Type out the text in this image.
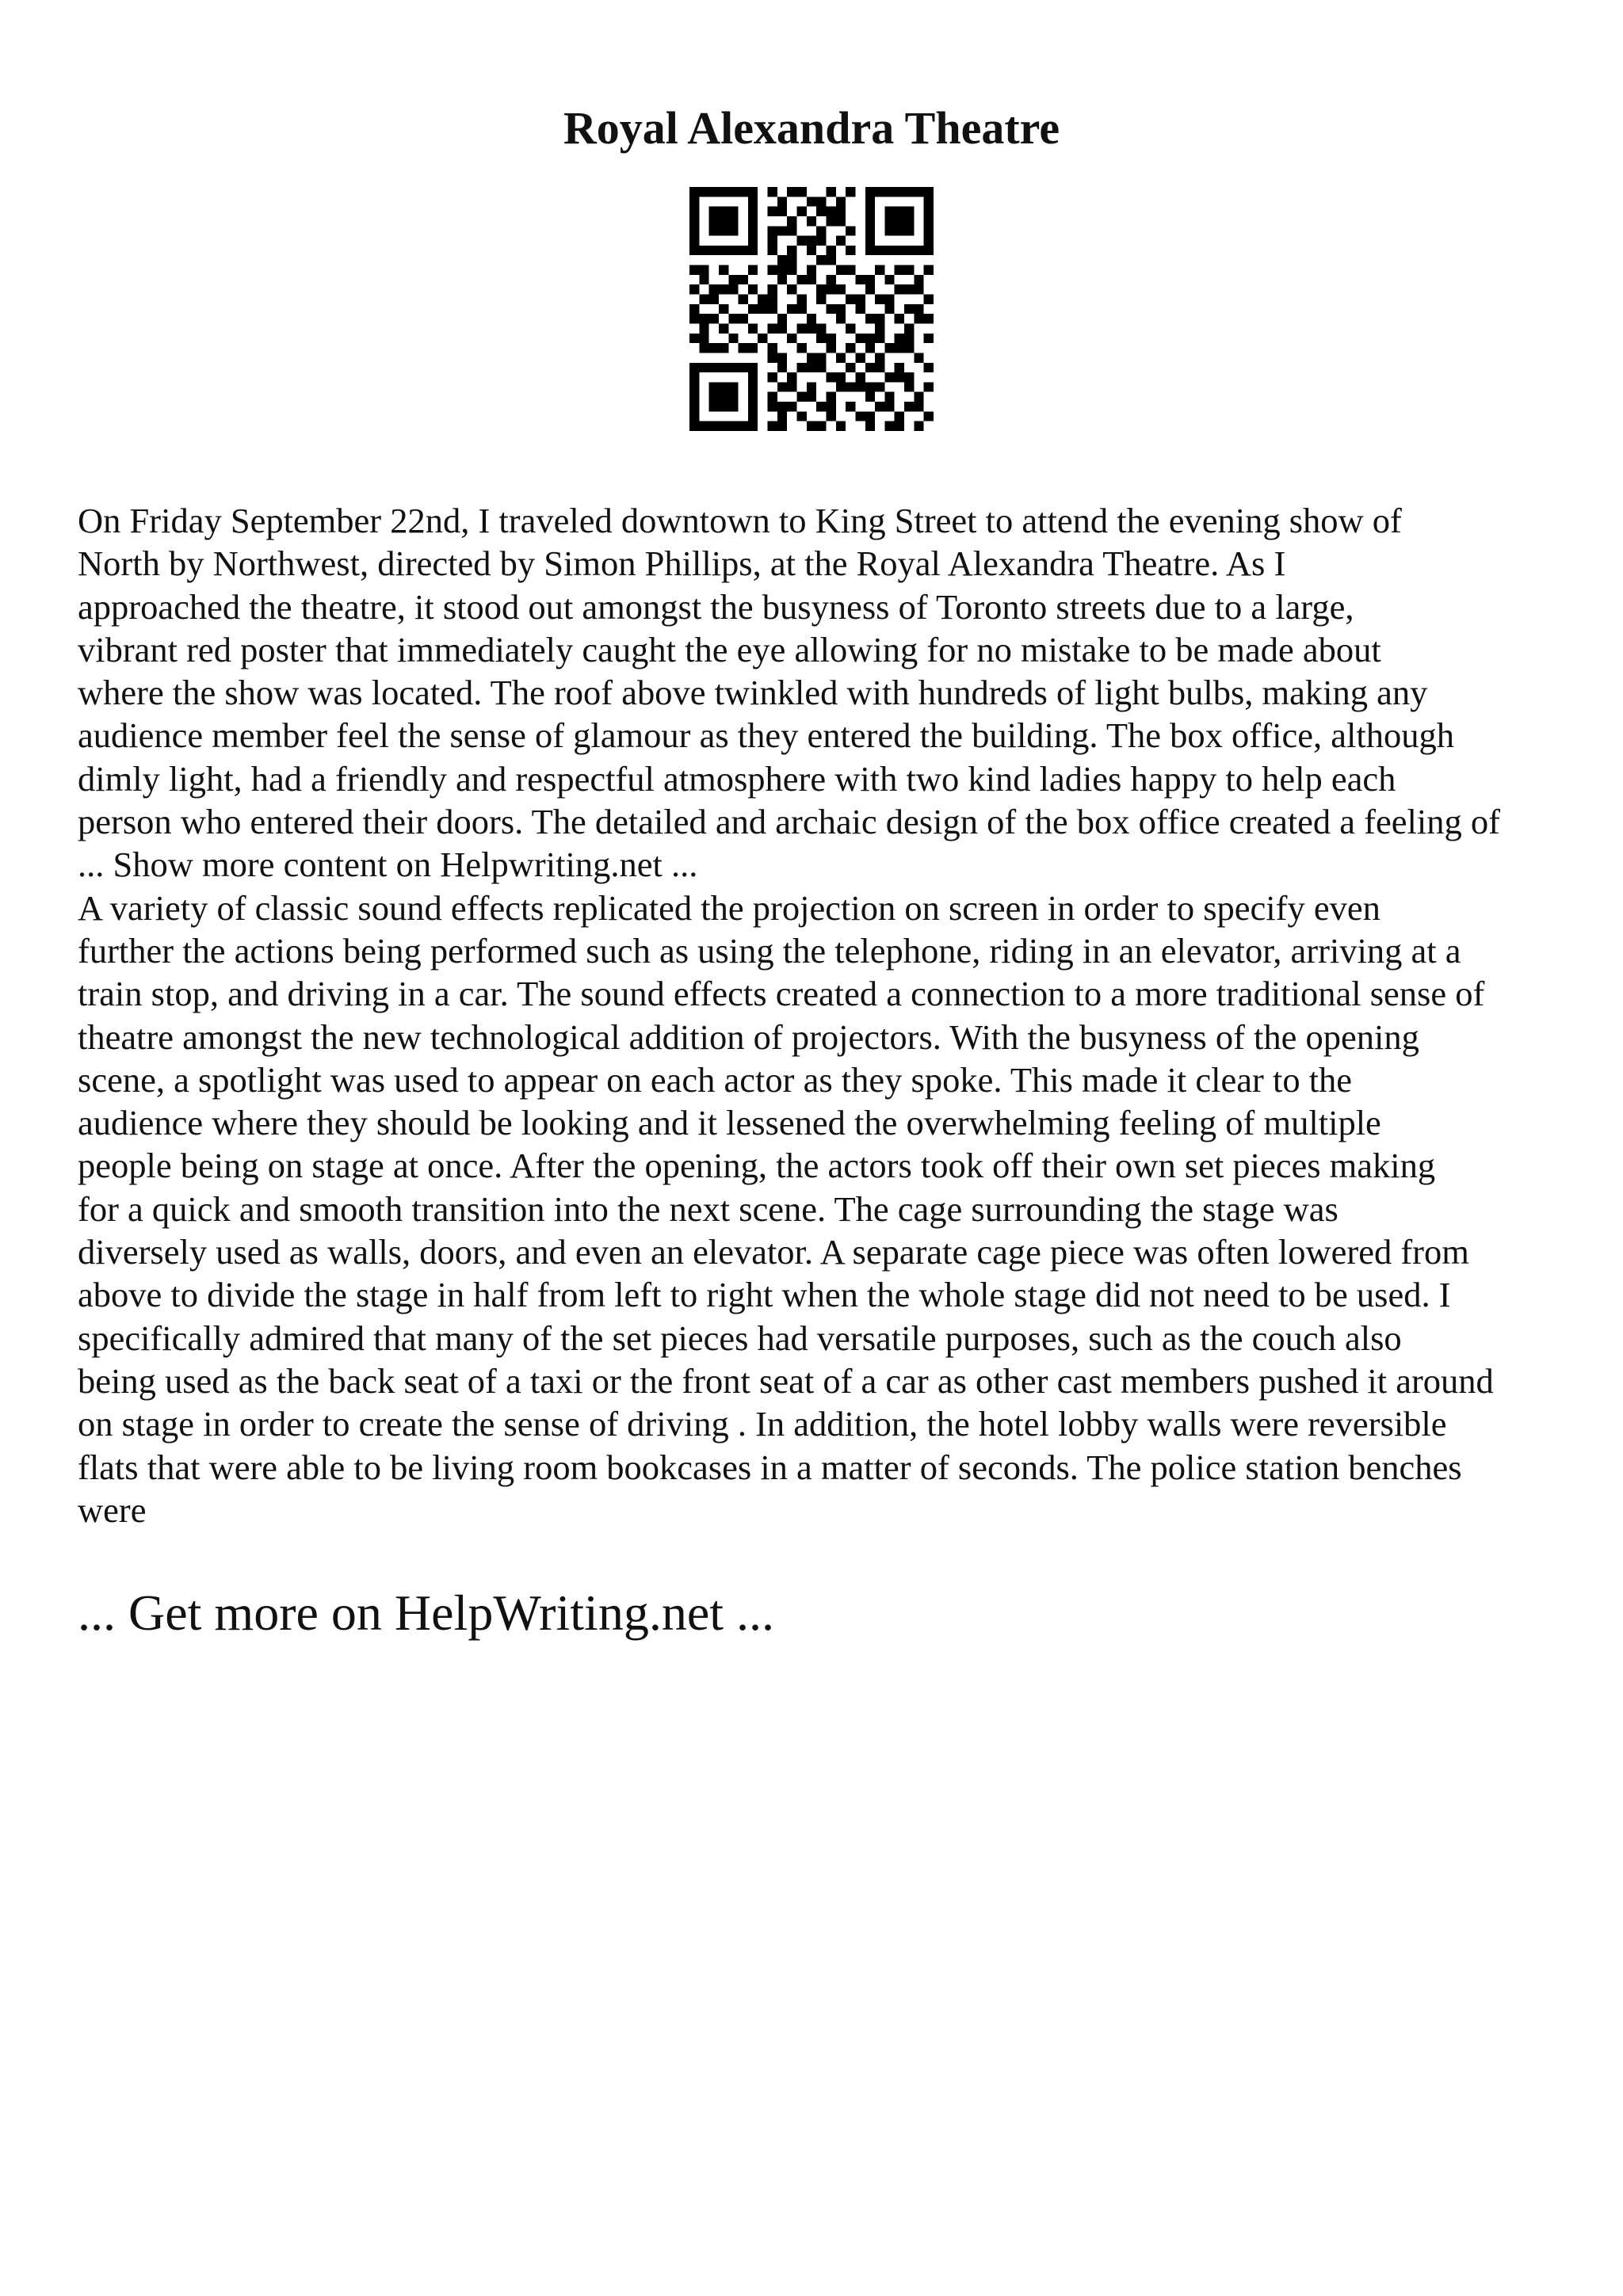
Royal Alexandra Theatre
On Friday September 22nd, I traveled downtown to King Street to attend the evening show of
North by Northwest, directed by Simon Phillips, at the Royal Alexandra Theatre. As I
approached the theatre, it stood out amongst the busyness of Toronto streets due to a large,
vibrant red poster that immediately caught the eye allowing for no mistake to be made about
where the show was located. The roof above twinkled with hundreds of light bulbs, making any
audience member feel the sense of glamour as they entered the building. The box office, although
dimly light, had a friendly and respectful atmosphere with two kind ladies happy to help each
person who entered their doors. The detailed and archaic design of the box office created a feeling of
... Show more content on Helpwriting.net ...
A variety of classic sound effects replicated the projection on screen in order to specify even
further the actions being performed such as using the telephone, riding in an elevator, arriving at a
train stop, and driving in a car. The sound effects created a connection to a more traditional sense of
theatre amongst the new technological addition of projectors. With the busyness of the opening
scene, a spotlight was used to appear on each actor as they spoke. This made it clear to the
audience where they should be looking and it lessened the overwhelming feeling of multiple
people being on stage at once. After the opening, the actors took off their own set pieces making
for a quick and smooth transition into the next scene. The cage surrounding the stage was
diversely used as walls, doors, and even an elevator. A separate cage piece was often lowered from
above to divide the stage in half from left to right when the whole stage did not need to be used. I
specifically admired that many of the set pieces had versatile purposes, such as the couch also
being used as the back seat of a taxi or the front seat of a car as other cast members pushed it around
on stage in order to create the sense of driving . In addition, the hotel lobby walls were reversible
flats that were able to be living room bookcases in a matter of seconds. The police station benches
were
... Get more on HelpWriting.net ...
